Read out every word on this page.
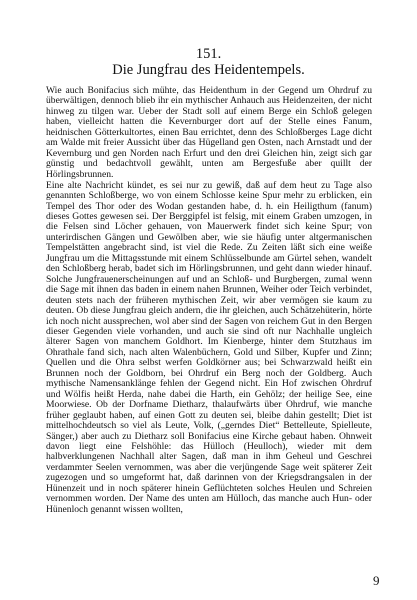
151.
Die Jungfrau des Heidentempels.

Wie auch Bonifacius sich mühte, das Heidenthum in der Gegend um Ohrdruf zu überwältigen, dennoch blieb ihr ein mythischer Anhauch aus Heidenzeiten, der nicht hinweg zu tilgen war. Ueber der Stadt soll auf einem Berge ein Schloß gelegen haben, vielleicht hatten die Kevernburger dort auf der Stelle eines Fanum, heidnischen Götterkultortes, einen Bau errichtet, denn des Schloßberges Lage dicht am Walde mit freier Aussicht über das Hügelland gen Osten, nach Arnstadt und der Kevernburg und gen Norden nach Erfurt und den drei Gleichen hin, zeigt sich gar günstig und bedachtvoll gewählt, unten am Bergesfuße aber quillt der Hörlingsbrunnen.

Eine alte Nachricht kündet, es sei nur zu gewiß, daß auf dem heut zu Tage also genannten Schloßberge, wo von einem Schlosse keine Spur mehr zu erblicken, ein Tempel des Thor oder des Wodan gestanden habe, d. h. ein Heiligthum (fanum) dieses Gottes gewesen sei. Der Berggipfel ist felsig, mit einem Graben umzogen, in die Felsen sind Löcher gehauen, von Mauerwerk findet sich keine Spur; von unterirdischen Gängen und Gewölben aber, wie sie häufig unter altgermanischen Tempelstätten angebracht sind, ist viel die Rede. Zu Zeiten läßt sich eine weiße Jungfrau um die Mittagsstunde mit einem Schlüsselbunde am Gürtel sehen, wandelt den Schloßberg herab, badet sich im Hörlingsbrunnen, und geht dann wieder hinauf. Solche Jungfrauenerscheinungen auf und an Schloß- und Burgbergen, zumal wenn die Sage mit ihnen das baden in einem nahen Brunnen, Weiher oder Teich verbindet, deuten stets nach der früheren mythischen Zeit, wir aber vermögen sie kaum zu deuten. Ob diese Jungfrau gleich andern, die ihr gleichen, auch Schätzehüterin, hörte ich noch nicht aussprechen, wol aber sind der Sagen von reichem Gut in den Bergen dieser Gegenden viele vorhanden, und auch sie sind oft nur Nachhalle ungleich älterer Sagen von manchem Goldhort. Im Kienberge, hinter dem Stutzhaus im Ohrathale fand sich, nach alten Walenbüchern, Gold und Silber, Kupfer und Zinn; Quellen und die Ohra selbst werfen Goldkörner aus; bei Schwarzwald heißt ein Brunnen noch der Goldborn, bei Ohrdruf ein Berg noch der Goldberg. Auch mythische Namensanklänge fehlen der Gegend nicht. Ein Hof zwischen Ohrdruf und Wölfis heißt Herda, nahe dabei die Harth, ein Gehölz; der heilige See, eine Moorwiese. Ob der Dorfname Dietharz, thalaufwärts über Ohrdruf, wie manche früher geglaubt haben, auf einen Gott zu deuten sei, bleibe dahin gestellt; Diet ist mittelhochdeutsch so viel als Leute, Volk, („gerndes Diet“ Bettelleute, Spielleute, Sänger,) aber auch zu Dietharz soll Bonifacius eine Kirche gebaut haben. Ohnweit davon liegt eine Felshöhle: das Hülloch (Heulloch), wieder mit dem halbverklungenen Nachhall alter Sagen, daß man in ihm Geheul und Geschrei verdammter Seelen vernommen, was aber die verjüngende Sage weit späterer Zeit zugezogen und so umgeformt hat, daß darinnen von der Kriegsdrangsalen in der Hünenzeit und in noch späterer hinein Geflüchteten solches Heulen und Schreien vernommen worden. Der Name des unten am Hülloch, das manche auch Hun- oder Hünenloch genannt wissen wollten,

9
